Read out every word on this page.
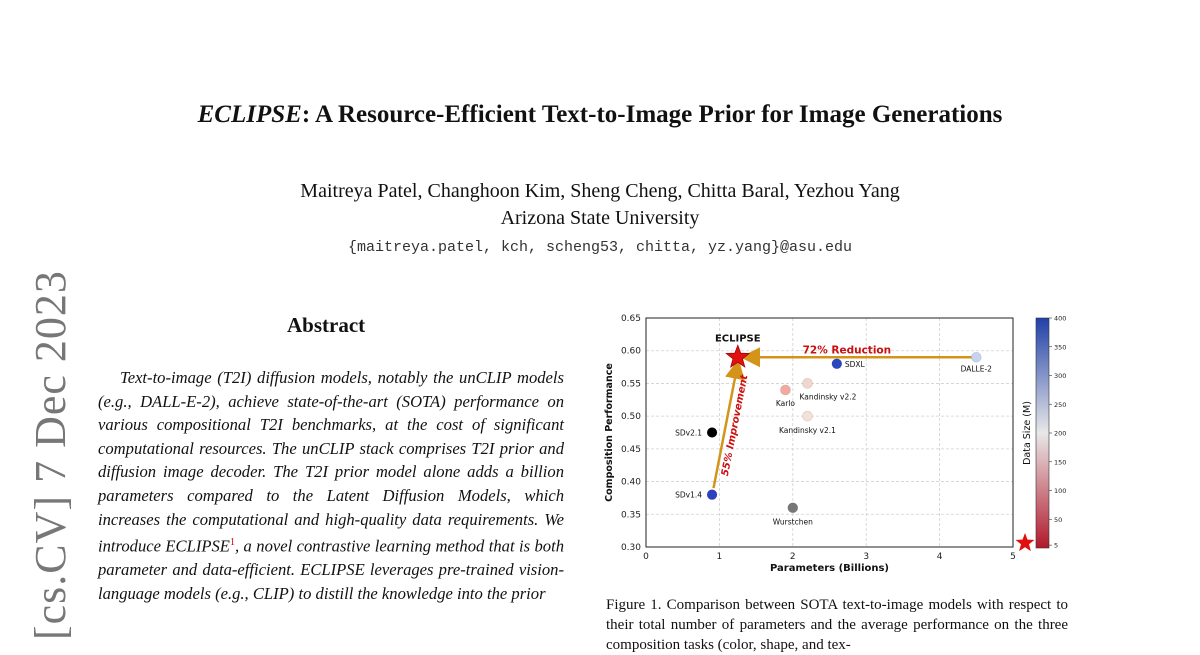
ECLIPSE: A Resource-Efficient Text-to-Image Prior for Image Generations
Maitreya Patel, Changhoon Kim, Sheng Cheng, Chitta Baral, Yezhou Yang
Arizona State University
{maitreya.patel, kch, scheng53, chitta, yz.yang}@asu.edu
[cs.CV] 7 Dec 2023	Abstract
Text-to-image (T2I) diffusion models, notably the unCLIP models (e.g., DALL-E-2), achieve state-of-the-art (SOTA) performance on various compositional T2I benchmarks, at the cost of significant computational resources. The unCLIP stack comprises T2I prior and diffusion image decoder. The T2I prior model alone adds a billion parameters compared to the Latent Diffusion Models, which increases the computational and high-quality data requirements. We introduce ECLIPSE$^1$, a novel contrastive learning method that is both parameter and data-efficient. ECLIPSE leverages pre-trained vision-language models (e.g., CLIP) to distill the knowledge into the prior
0	1	2	3	4	5
0.30
0.35
0.40
0.45
0.50
0.55
0.60
0.65
Parameters (Billions)
Composition Performance
72% Reduction
55% Improvement
ECLIPSE
SDXL	DALLE-2
Karlo
Kandinsky v2.2
Kandinsky v2.1
SDv2.1
SDv1.4
Wurstchen
5
50
100
150
200
250
300
350
400
Data Size (M)
Figure 1. Comparison between SOTA text-to-image models with respect to their total number of parameters and the average performance on the three composition tasks (color, shape, and tex-
